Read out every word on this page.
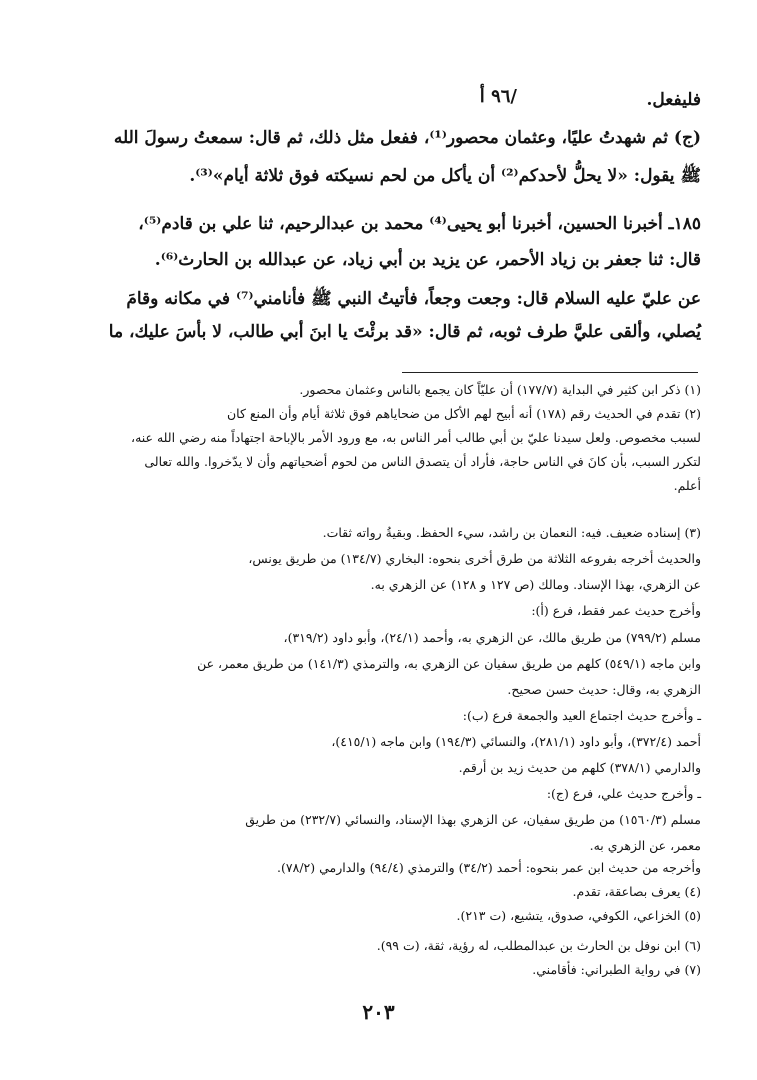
فليفعل.
/٩٦ أ
(ج) ثم شهدتُ عليًا، وعثمان محصور⁽¹⁾، ففعل مثل ذلك، ثم قال: سمعتُ رسولَ الله
ﷺ يقول: «لا يحلُّ لأحدكم⁽²⁾ أن يأكل من لحم نسيكته فوق ثلاثة أيام»⁽³⁾.
١٨٥ـ أخبرنا الحسين، أخبرنا أبو يحيى⁽⁴⁾ محمد بن عبدالرحيم، ثنا علي بن قادم⁽⁵⁾،
قال: ثنا جعفر بن زياد الأحمر، عن يزيد بن أبي زياد، عن عبدالله بن الحارث⁽⁶⁾.
عن عليّ عليه السلام قال: وجعت وجعاً، فأتيتُ النبي ﷺ فأنامني⁽⁷⁾ في مكانه وقامَ
يُصلي، وألقى عليَّ طرف ثوبه، ثم قال: «قد برئْتَ يا ابنَ أبي طالب، لا بأسَ عليك، ما
(١) ذكر ابن كثير في البداية (١٧٧/٧) أن عليّاً كان يجمع بالناس وعثمان محصور.
(٢) تقدم في الحديث رقم (١٧٨) أنه أبيح لهم الأكل من ضحاياهم فوق ثلاثة أيام وأن المنع كان
لسبب مخصوص. ولعل سيدنا عليّ بن أبي طالب أمر الناس به، مع ورود الأمر بالإباحة اجتهاداً منه رضي الله عنه،
لتكرر السبب، بأن كانَ في الناس حاجة، فأراد أن يتصدق الناس من لحوم أضحياتهم وأن لا يدّخروا. والله تعالى
أعلم.
(٣) إسناده ضعيف. فيه: النعمان بن راشد، سيء الحفظ. وبقيةُ رواته ثقات.
والحديث أخرجه بفروعه الثلاثة من طرق أخرى بنحوه: البخاري (١٣٤/٧) من طريق يونس،
عن الزهري، بهذا الإسناد. ومالك (ص ١٢٧ و ١٢٨) عن الزهري به.
وأخرج حديث عمر فقط، فرع (أ):
مسلم (٧٩٩/٢) من طريق مالك، عن الزهري به، وأحمد (٢٤/١)، وأبو داود (٣١٩/٢)،
وابن ماجه (٥٤٩/١) كلهم من طريق سفيان عن الزهري به، والترمذي (١٤١/٣) من طريق معمر، عن
الزهري به، وقال: حديث حسن صحيح.
ـ وأخرج حديث اجتماع العيد والجمعة فرع (ب):
أحمد (٣٧٢/٤)، وأبو داود (٢٨١/١)، والنسائي (١٩٤/٣) وابن ماجه (٤١٥/١)،
والدارمي (٣٧٨/١) كلهم من حديث زيد بن أرقم.
ـ وأخرج حديث علي، فرع (ج):
مسلم (١٥٦٠/٣) من طريق سفيان، عن الزهري بهذا الإسناد، والنسائي (٢٣٢/٧) من طريق
معمر، عن الزهري به.
وأخرجه من حديث ابن عمر بنحوه: أحمد (٣٤/٢) والترمذي (٩٤/٤) والدارمي (٧٨/٢).
(٤) يعرف بصاعقة، تقدم.
(٥) الخزاعي، الكوفي، صدوق، يتشيع، (ت ٢١٣).
(٦) ابن نوفل بن الحارث بن عبدالمطلب، له رؤية، ثقة، (ت ٩٩).
(٧) في رواية الطبراني: فأقامني.
٢٠٣
